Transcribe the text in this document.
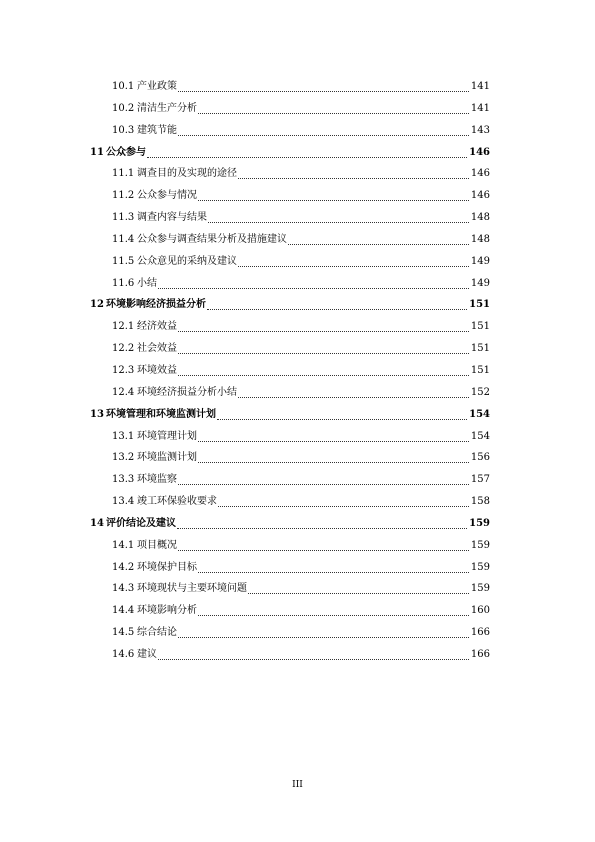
10.1 产业政策	141
10.2 清洁生产分析	141
10.3 建筑节能	143
11 公众参与	146
11.1 调查目的及实现的途径	146
11.2 公众参与情况	146
11.3 调查内容与结果	148
11.4 公众参与调查结果分析及措施建议	148
11.5 公众意见的采纳及建议	149
11.6 小结	149
12 环境影响经济损益分析	151
12.1 经济效益	151
12.2 社会效益	151
12.3 环境效益	151
12.4 环境经济损益分析小结	152
13 环境管理和环境监测计划	154
13.1 环境管理计划	154
13.2 环境监测计划	156
13.3 环境监察	157
13.4 竣工环保验收要求	158
14 评价结论及建议	159
14.1 项目概况	159
14.2 环境保护目标	159
14.3 环境现状与主要环境问题	159
14.4 环境影响分析	160
14.5 综合结论	166
14.6 建议	166
III
